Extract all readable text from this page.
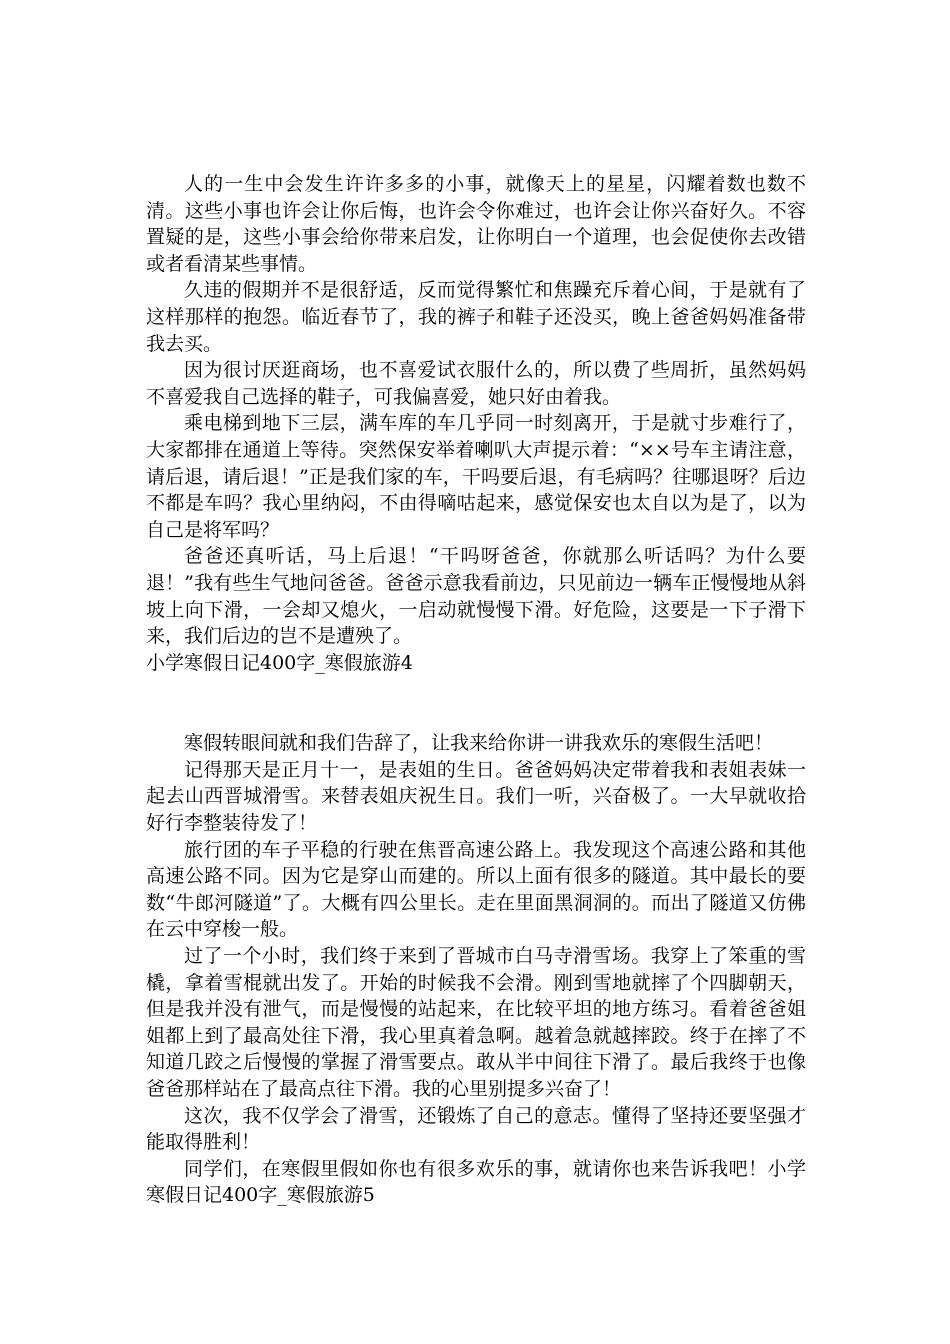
人的一生中会发生许许多多的小事，就像天上的星星，闪耀着数也数不清。这些小事也许会让你后悔，也许会令你难过，也许会让你兴奋好久。不容置疑的是，这些小事会给你带来启发，让你明白一个道理，也会促使你去改错或者看清某些事情。

久违的假期并不是很舒适，反而觉得繁忙和焦躁充斥着心间，于是就有了这样那样的抱怨。临近春节了，我的裤子和鞋子还没买，晚上爸爸妈妈准备带我去买。

因为很讨厌逛商场，也不喜爱试衣服什么的，所以费了些周折，虽然妈妈不喜爱我自己选择的鞋子，可我偏喜爱，她只好由着我。

乘电梯到地下三层，满车库的车几乎同一时刻离开，于是就寸步难行了，大家都排在通道上等待。突然保安举着喇叭大声提示着：“××号车主请注意，请后退，请后退！”正是我们家的车，干吗要后退，有毛病吗？往哪退呀？后边不都是车吗？我心里纳闷，不由得嘀咕起来，感觉保安也太自以为是了，以为自己是将军吗？

爸爸还真听话，马上后退！“干吗呀爸爸，你就那么听话吗？为什么要退！”我有些生气地问爸爸。爸爸示意我看前边，只见前边一辆车正慢慢地从斜坡上向下滑，一会却又熄火，一启动就慢慢下滑。好危险，这要是一下子滑下来，我们后边的岂不是遭殃了。

小学寒假日记400字_寒假旅游4

寒假转眼间就和我们告辞了，让我来给你讲一讲我欢乐的寒假生活吧！

记得那天是正月十一，是表姐的生日。爸爸妈妈决定带着我和表姐表妹一起去山西晋城滑雪。来替表姐庆祝生日。我们一听，兴奋极了。一大早就收拾好行李整装待发了！

旅行团的车子平稳的行驶在焦晋高速公路上。我发现这个高速公路和其他高速公路不同。因为它是穿山而建的。所以上面有很多的隧道。其中最长的要数“牛郎河隧道”了。大概有四公里长。走在里面黑洞洞的。而出了隧道又仿佛在云中穿梭一般。

过了一个小时，我们终于来到了晋城市白马寺滑雪场。我穿上了笨重的雪橇，拿着雪棍就出发了。开始的时候我不会滑。刚到雪地就摔了个四脚朝天，但是我并没有泄气，而是慢慢的站起来，在比较平坦的地方练习。看着爸爸姐姐都上到了最高处往下滑，我心里真着急啊。越着急就越摔跤。终于在摔了不知道几跤之后慢慢的掌握了滑雪要点。敢从半中间往下滑了。最后我终于也像爸爸那样站在了最高点往下滑。我的心里别提多兴奋了！

这次，我不仅学会了滑雪，还锻炼了自己的意志。懂得了坚持还要坚强才能取得胜利！

同学们，在寒假里假如你也有很多欢乐的事，就请你也来告诉我吧！小学寒假日记400字_寒假旅游5
